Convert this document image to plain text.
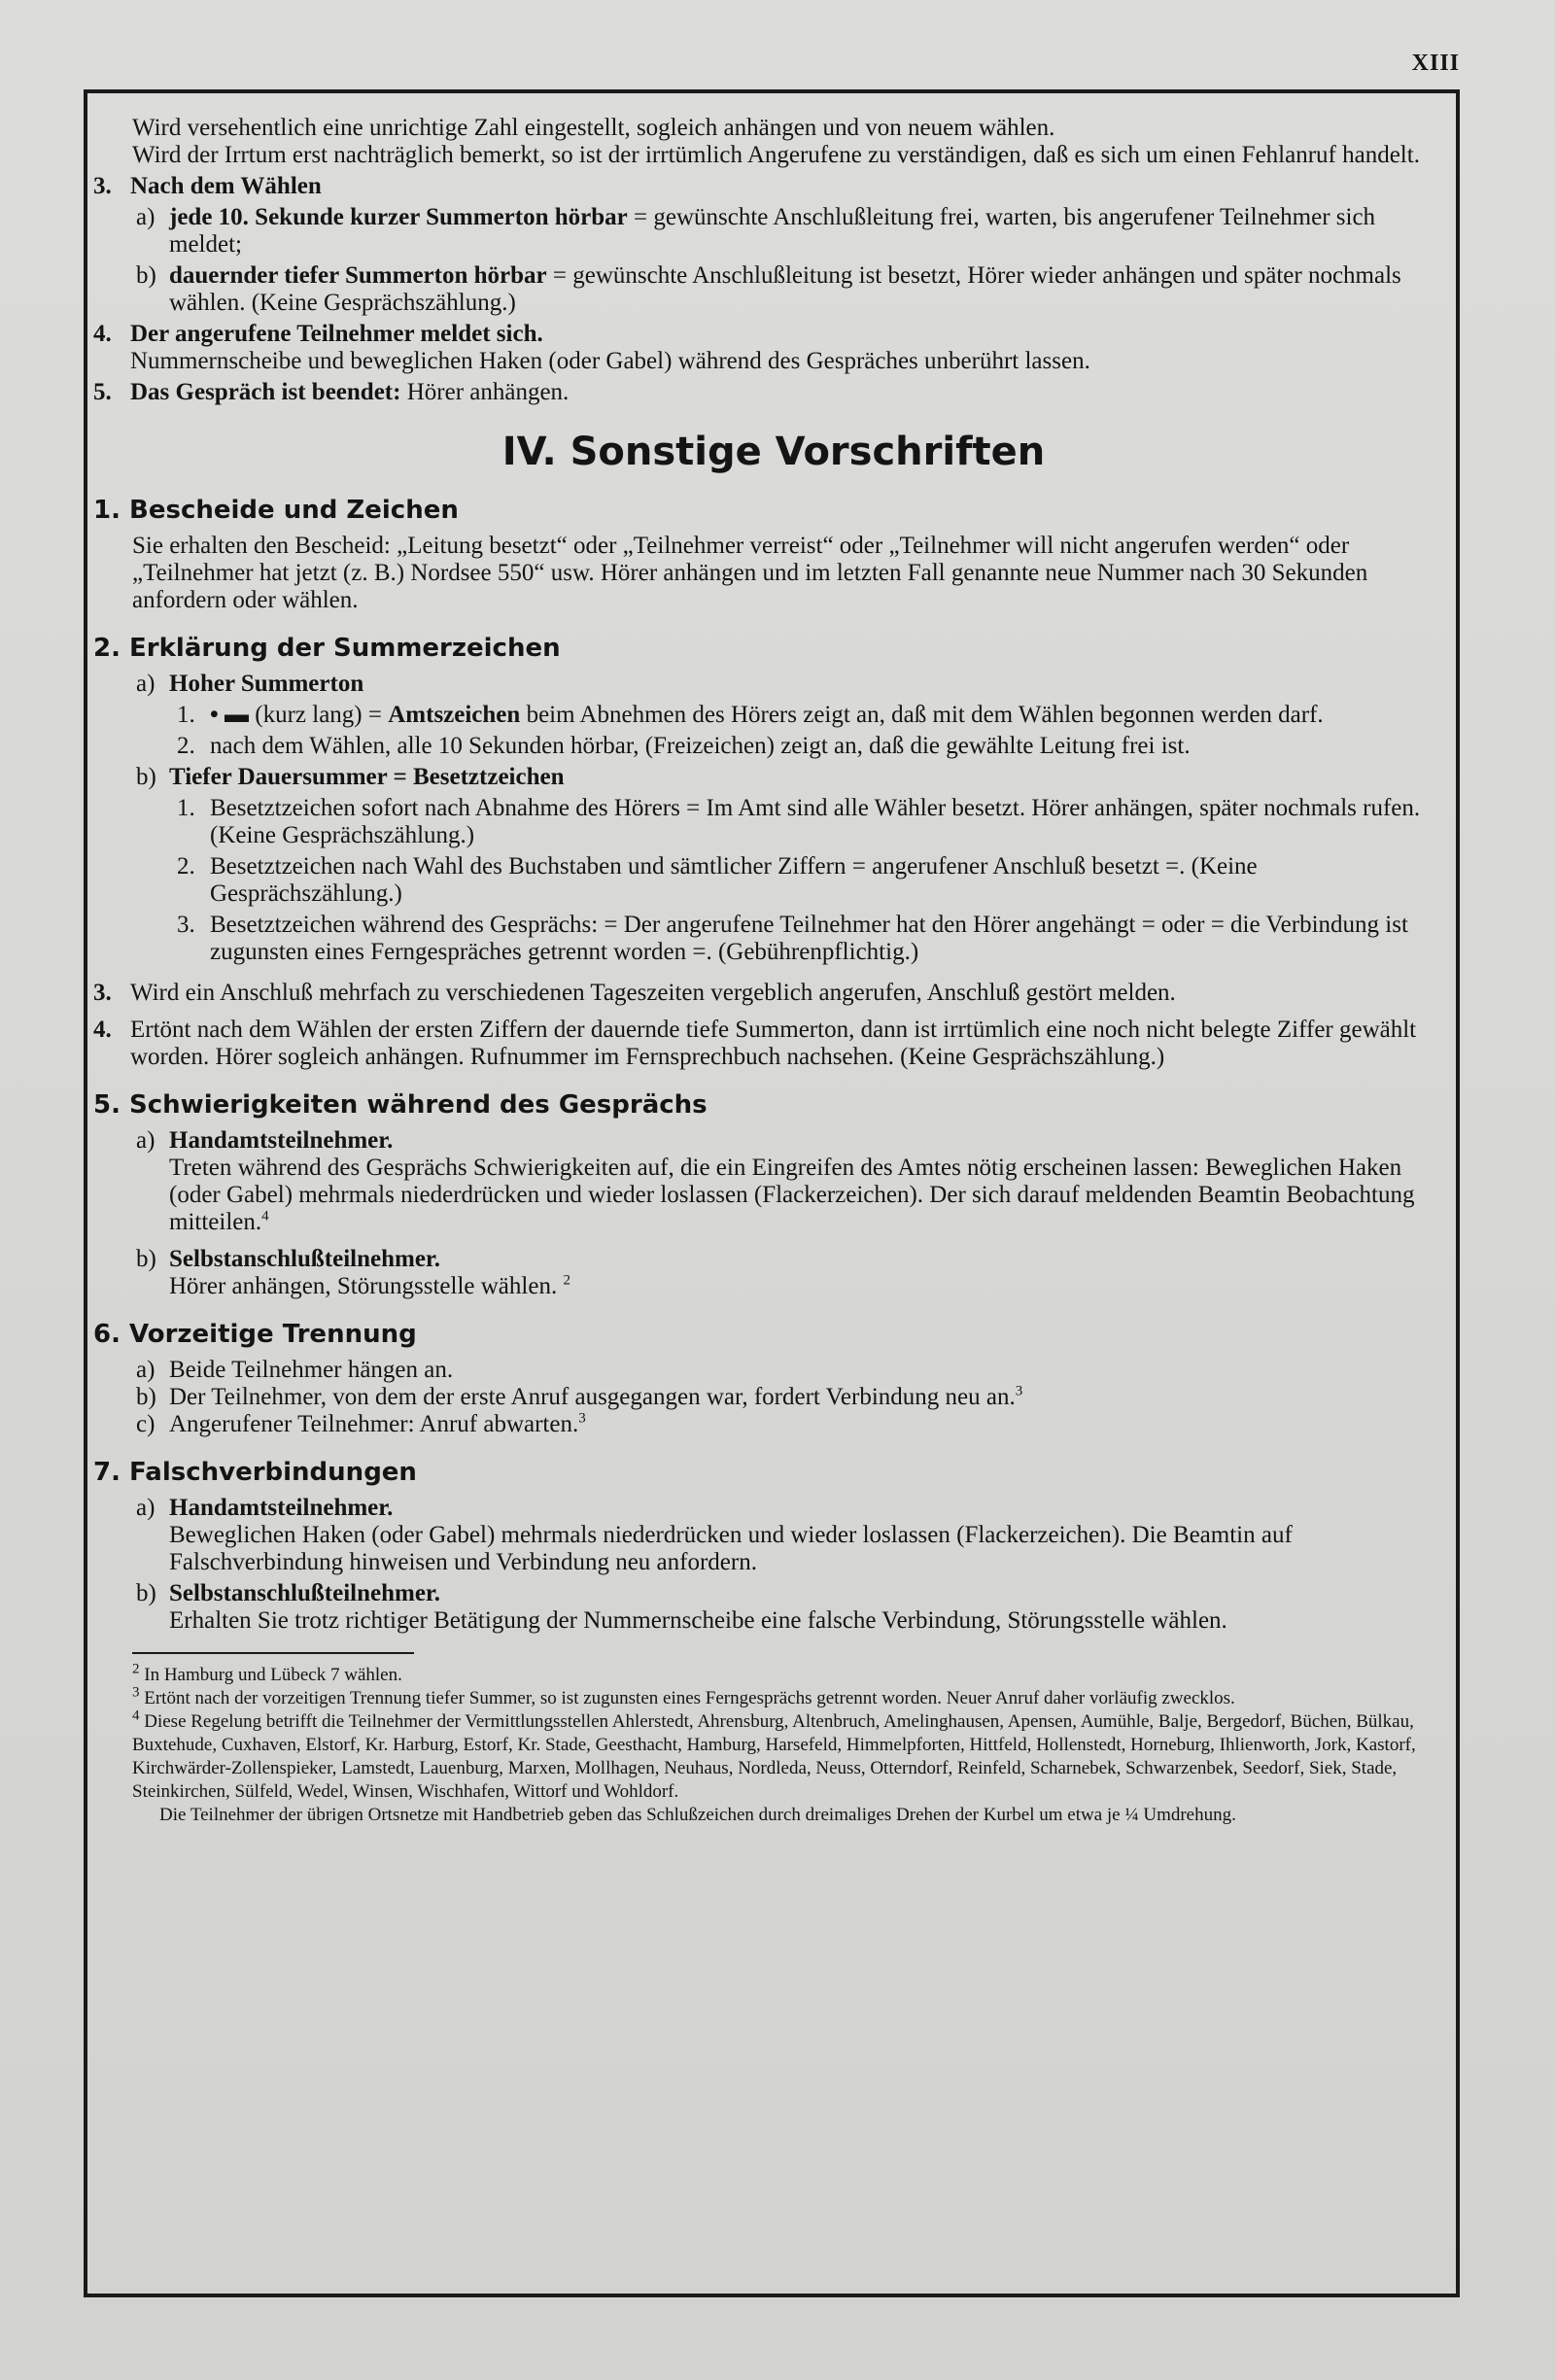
XIII

Wird versehentlich eine unrichtige Zahl eingestellt, sogleich anhängen und von neuem wählen.

Wird der Irrtum erst nachträglich bemerkt, so ist der irrtümlich Angerufene zu verständigen, daß es sich um einen Fehlanruf handelt.

3. Nach dem Wählen
a) jede 10. Sekunde kurzer Summerton hörbar = gewünschte Anschlußleitung frei, warten, bis angerufener Teilnehmer sich meldet;

b) dauernder tiefer Summerton hörbar = gewünschte Anschlußleitung ist besetzt, Hörer wieder anhängen und später nochmals wählen. (Keine Gesprächszählung.)

4. Der angerufene Teilnehmer meldet sich.

Nummernscheibe und beweglichen Haken (oder Gabel) während des Gespräches unberührt lassen.

5. Das Gespräch ist beendet: Hörer anhängen.

IV. Sonstige Vorschriften
1. Bescheide und Zeichen

Sie erhalten den Bescheid: „Leitung besetzt“ oder „Teilnehmer verreist“ oder „Teilnehmer will nicht angerufen werden“ oder „Teilnehmer hat jetzt (z. B.) Nordsee 550“ usw. Hörer anhängen und im letzten Fall genannte neue Nummer nach 30 Sekunden anfordern oder wählen.

2. Erklärung der Summerzeichen
a) Hoher Summerton
1. • ▬ (kurz lang) = Amtszeichen beim Abnehmen des Hörers zeigt an, daß mit dem Wählen begonnen werden darf.

2. nach dem Wählen, alle 10 Sekunden hörbar, (Freizeichen) zeigt an, daß die gewählte Leitung frei ist.

b) Tiefer Dauersummer = Besetztzeichen
1. Besetztzeichen sofort nach Abnahme des Hörers = Im Amt sind alle Wähler besetzt. Hörer anhängen, später nochmals rufen. (Keine Gesprächszählung.)

2. Besetztzeichen nach Wahl des Buchstaben und sämtlicher Ziffern = angerufener Anschluß besetzt =. (Keine Gesprächszählung.)

3. Besetztzeichen während des Gesprächs: = Der angerufene Teilnehmer hat den Hörer angehängt = oder = die Verbindung ist zugunsten eines Ferngespräches getrennt worden =. (Gebührenpflichtig.)

3. Wird ein Anschluß mehrfach zu verschiedenen Tageszeiten vergeblich angerufen, Anschluß gestört melden.

4. Ertönt nach dem Wählen der ersten Ziffern der dauernde tiefe Summerton, dann ist irrtümlich eine noch nicht belegte Ziffer gewählt worden. Hörer sogleich anhängen. Rufnummer im Fernsprechbuch nachsehen. (Keine Gesprächszählung.)

5. Schwierigkeiten während des Gesprächs
a) Handamtsteilnehmer.

Treten während des Gesprächs Schwierigkeiten auf, die ein Eingreifen des Amtes nötig erscheinen lassen: Beweglichen Haken (oder Gabel) mehrmals niederdrücken und wieder loslassen (Flackerzeichen). Der sich darauf meldenden Beamtin Beobachtung mitteilen.$^4$

b) Selbstanschlußteilnehmer.

Hörer anhängen, Störungsstelle wählen. $^2$

6. Vorzeitige Trennung
a) Beide Teilnehmer hängen an.

b) Der Teilnehmer, von dem der erste Anruf ausgegangen war, fordert Verbindung neu an.$^3$

c) Angerufener Teilnehmer: Anruf abwarten.$^3$

7. Falschverbindungen
a) Handamtsteilnehmer.

Beweglichen Haken (oder Gabel) mehrmals niederdrücken und wieder loslassen (Flackerzeichen). Die Beamtin auf Falschverbindung hinweisen und Verbindung neu anfordern.

b) Selbstanschlußteilnehmer.

Erhalten Sie trotz richtiger Betätigung der Nummernscheibe eine falsche Verbindung, Störungsstelle wählen.

$^2$ In Hamburg und Lübeck 7 wählen.

$^3$ Ertönt nach der vorzeitigen Trennung tiefer Summer, so ist zugunsten eines Ferngesprächs getrennt worden. Neuer Anruf daher vorläufig zwecklos.

$^4$ Diese Regelung betrifft die Teilnehmer der Vermittlungsstellen Ahlerstedt, Ahrensburg, Altenbruch, Amelinghausen, Apensen, Aumühle, Balje, Bergedorf, Büchen, Bülkau, Buxtehude, Cuxhaven, Elstorf, Kr. Harburg, Estorf, Kr. Stade, Geesthacht, Hamburg, Harsefeld, Himmelpforten, Hittfeld, Hollenstedt, Horneburg, Ihlienworth, Jork, Kastorf, Kirchwärder-Zollenspieker, Lamstedt, Lauenburg, Marxen, Mollhagen, Neuhaus, Nordleda, Neuss, Otterndorf, Reinfeld, Scharnebek, Schwarzenbek, Seedorf, Siek, Stade, Steinkirchen, Sülfeld, Wedel, Winsen, Wischhafen, Wittorf und Wohldorf.

Die Teilnehmer der übrigen Ortsnetze mit Handbetrieb geben das Schlußzeichen durch dreimaliges Drehen der Kurbel um etwa je ¼ Umdrehung.
